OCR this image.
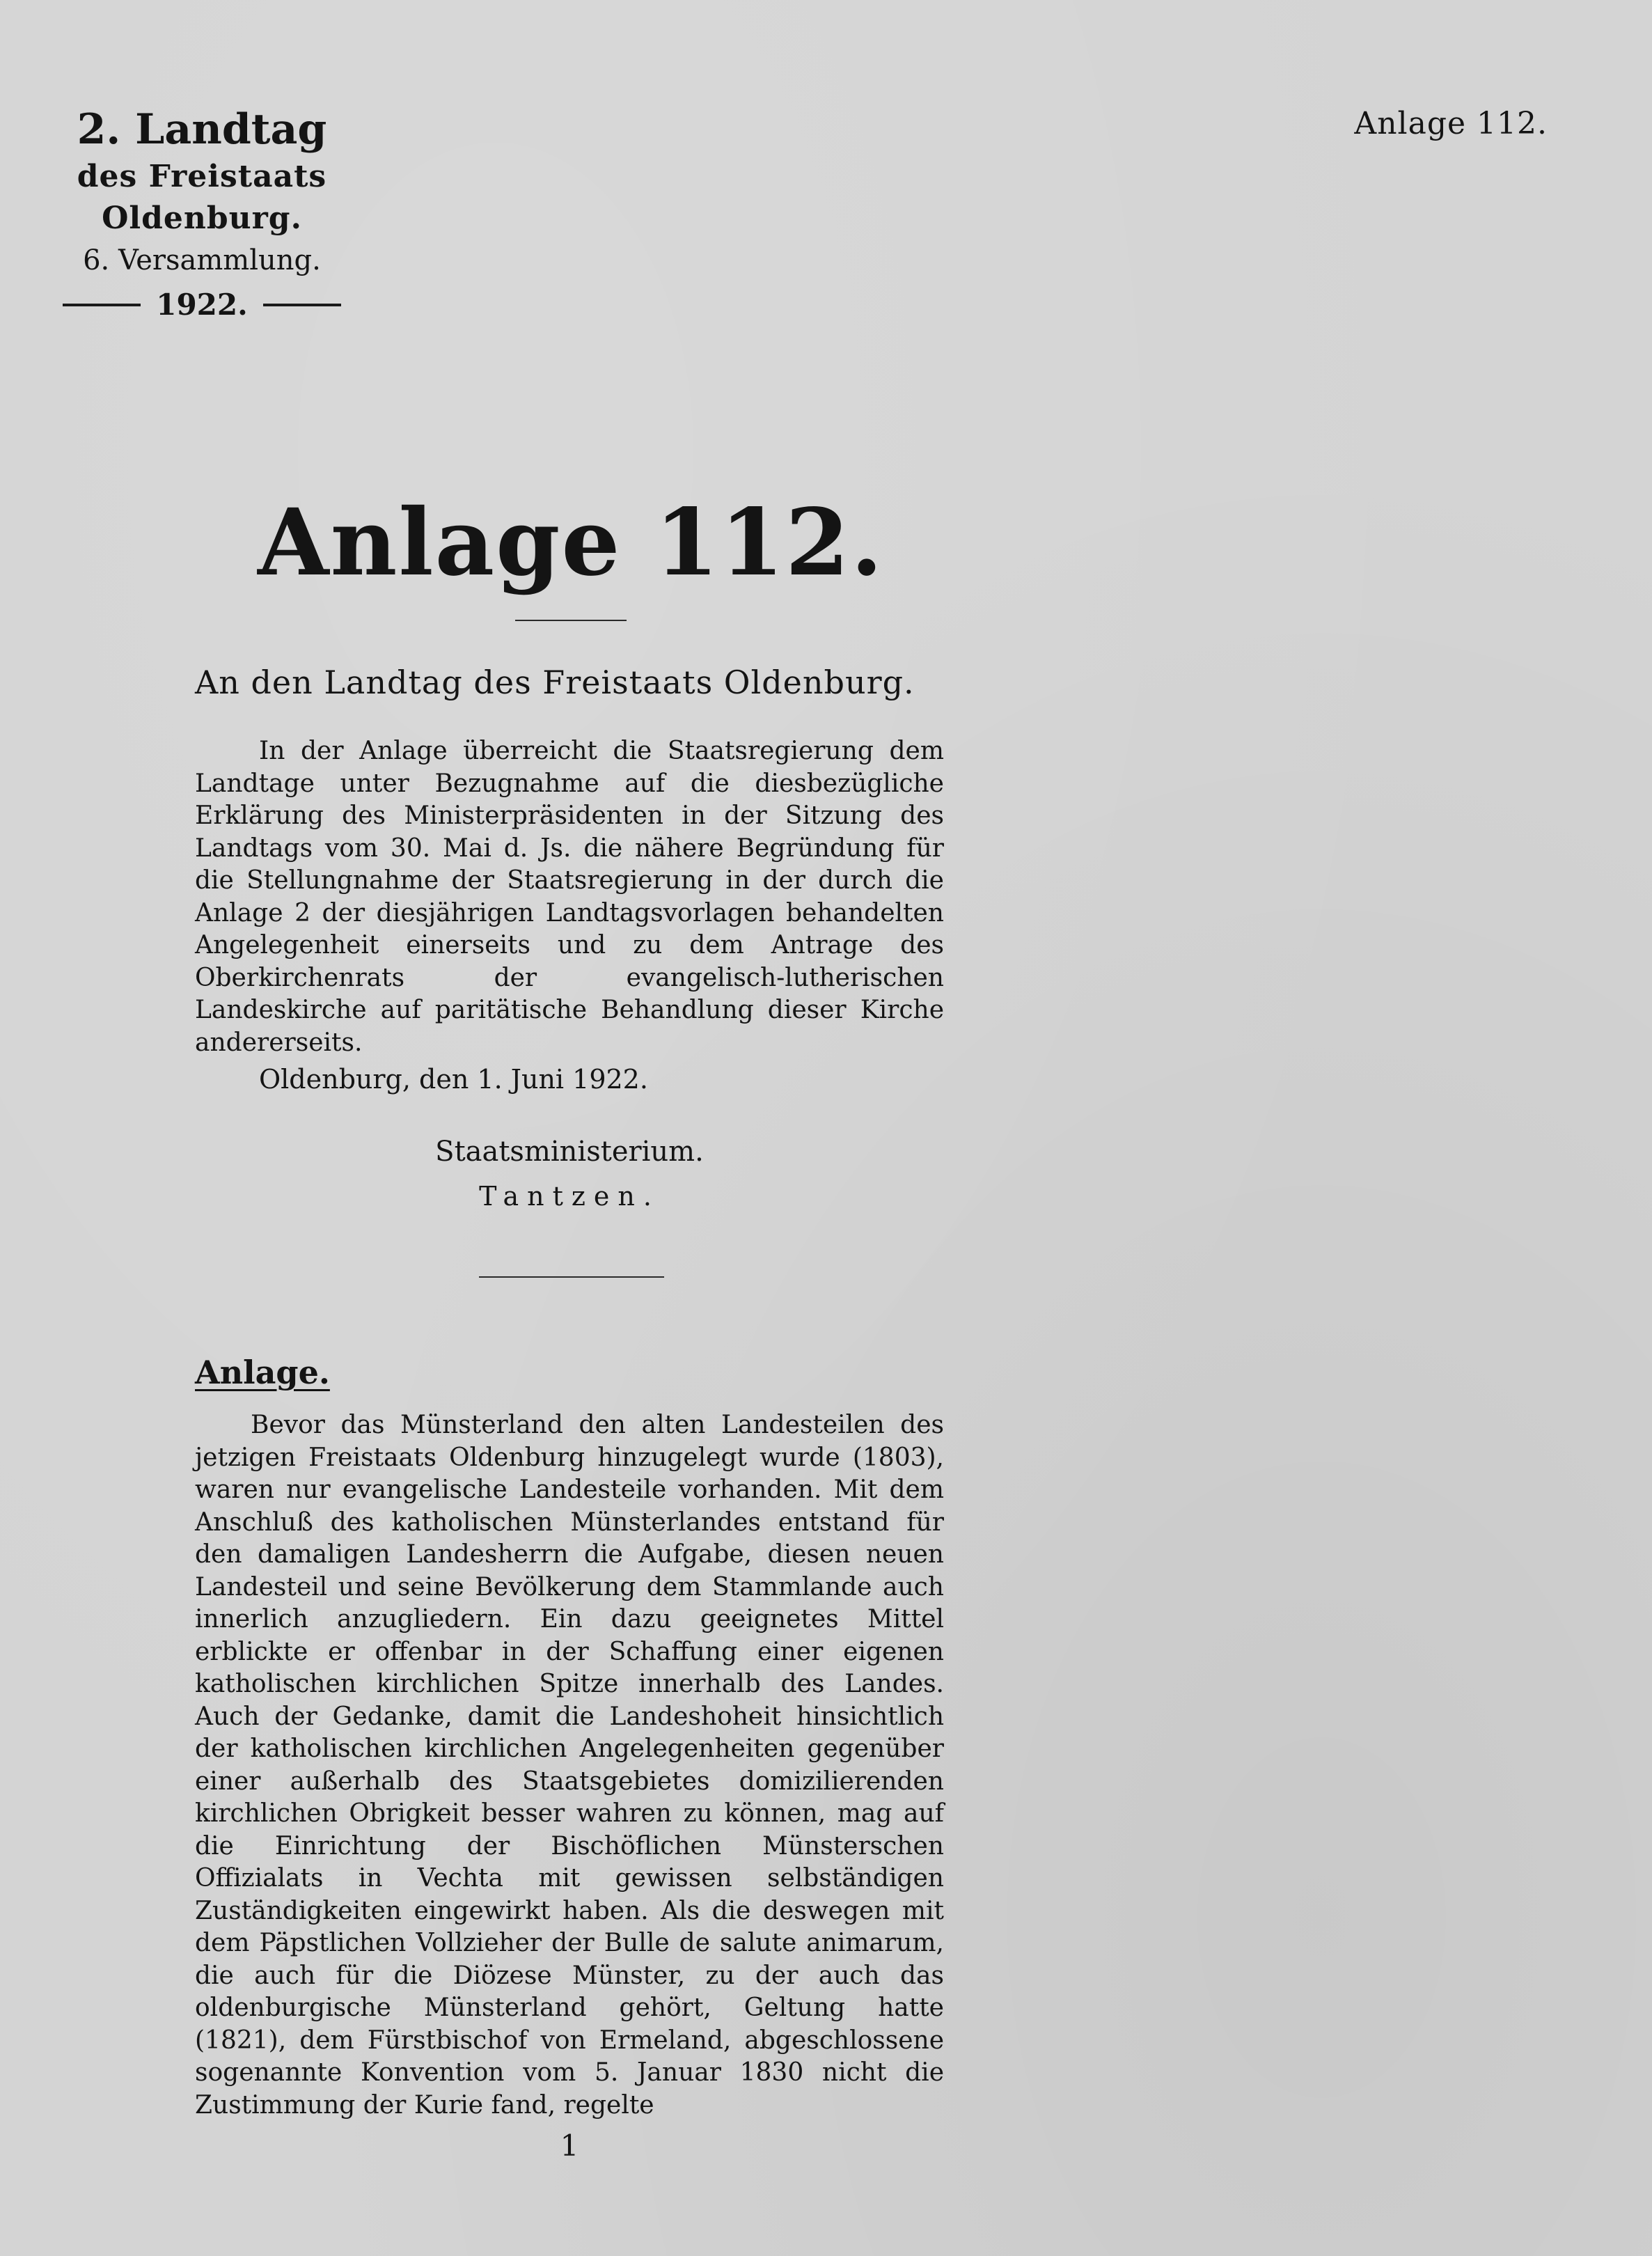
2. Landtag
des Freistaats Oldenburg.
6. Versammlung.
1922.
Anlage 112.
Anlage 112.
An den Landtag des Freistaats Oldenburg.

In der Anlage überreicht die Staatsregierung dem Landtage unter Bezugnahme auf die diesbezügliche Erklärung des Ministerpräsidenten in der Sitzung des Landtags vom 30. Mai d. Js. die nähere Begründung für die Stellungnahme der Staatsregierung in der durch die Anlage 2 der diesjährigen Landtagsvorlagen behandelten Angelegenheit einerseits und zu dem Antrage des Oberkirchenrats der evangelisch-lutherischen Landeskirche auf paritätische Behandlung dieser Kirche andererseits.

Oldenburg, den 1. Juni 1922.
Staatsministerium.
Tantzen.
Anlage.

Bevor das Münsterland den alten Landesteilen des jetzigen Freistaats Oldenburg hinzugelegt wurde (1803), waren nur evangelische Landesteile vorhanden. Mit dem Anschluß des katholischen Münsterlandes entstand für den damaligen Landesherrn die Aufgabe, diesen neuen Landesteil und seine Bevölkerung dem Stammlande auch innerlich anzugliedern. Ein dazu geeignetes Mittel erblickte er offenbar in der Schaffung einer eigenen katholischen kirchlichen Spitze innerhalb des Landes. Auch der Gedanke, damit die Landeshoheit hinsichtlich der katholischen kirchlichen Angelegenheiten gegenüber einer außerhalb des Staatsgebietes domizilierenden kirchlichen Obrigkeit besser wahren zu können, mag auf die Einrichtung der Bischöflichen Münsterschen Offizialats in Vechta mit gewissen selbständigen Zuständigkeiten eingewirkt haben. Als die deswegen mit dem Päpstlichen Vollzieher der Bulle de salute animarum, die auch für die Diözese Münster, zu der auch das oldenburgische Münsterland gehört, Geltung hatte (1821), dem Fürstbischof von Ermeland, abgeschlossene sogenannte Konvention vom 5. Januar 1830 nicht die Zustimmung der Kurie fand, regelte

1
